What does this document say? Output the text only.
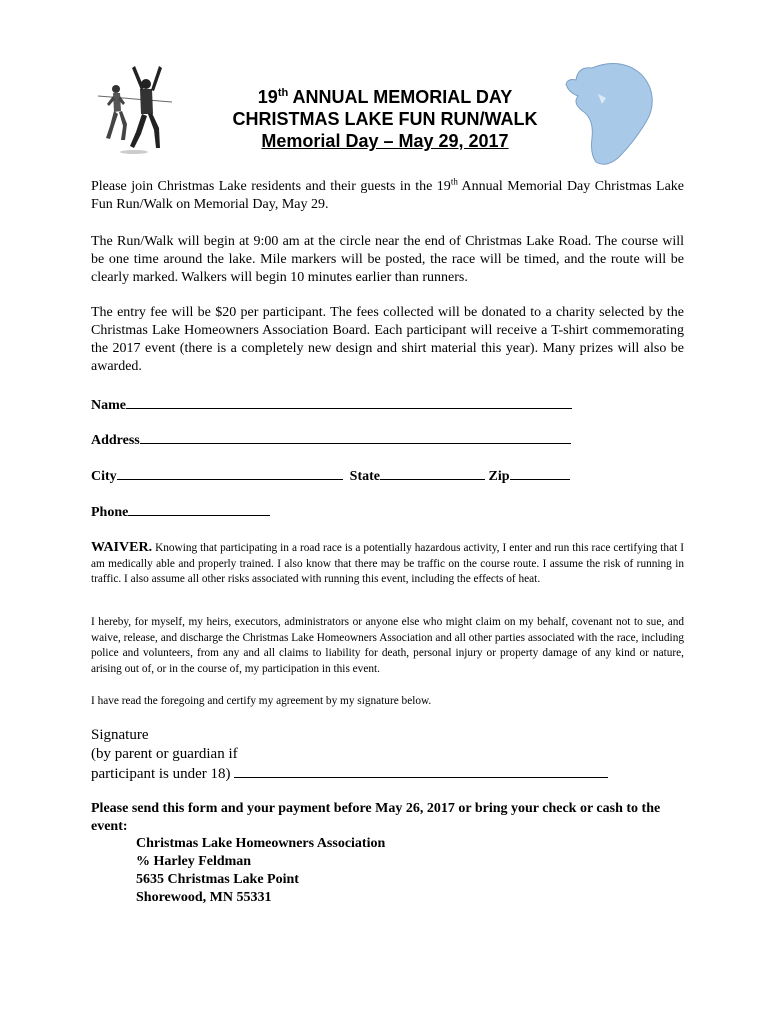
19th ANNUAL MEMORIAL DAY
CHRISTMAS LAKE FUN RUN/WALK
Memorial Day – May 29, 2017

Please join Christmas Lake residents and their guests in the 19th Annual Memorial Day Christmas Lake Fun Run/Walk on Memorial Day, May 29.

The Run/Walk will begin at 9:00 am at the circle near the end of Christmas Lake Road. The course will be one time around the lake. Mile markers will be posted, the race will be timed, and the route will be clearly marked. Walkers will begin 10 minutes earlier than runners.

The entry fee will be $20 per participant. The fees collected will be donated to a charity selected by the Christmas Lake Homeowners Association Board. Each participant will receive a T-shirt commemorating the 2017 event (there is a completely new design and shirt material this year). Many prizes will also be awarded.

Name
Address
City	State	Zip
Phone

WAIVER. Knowing that participating in a road race is a potentially hazardous activity, I enter and run this race certifying that I am medically able and properly trained. I also know that there may be traffic on the course route. I assume the risk of running in traffic. I also assume all other risks associated with running this event, including the effects of heat.

I hereby, for myself, my heirs, executors, administrators or anyone else who might claim on my behalf, covenant not to sue, and waive, release, and discharge the Christmas Lake Homeowners Association and all other parties associated with the race, including police and volunteers, from any and all claims to liability for death, personal injury or property damage of any kind or nature, arising out of, or in the course of, my participation in this event.

I have read the foregoing and certify my agreement by my signature below.

Signature
(by parent or guardian if
participant is under 18)
Please send this form and your payment before May 26, 2017 or bring your check or cash to the event:
Christmas Lake Homeowners Association
% Harley Feldman
5635 Christmas Lake Point
Shorewood, MN 55331
